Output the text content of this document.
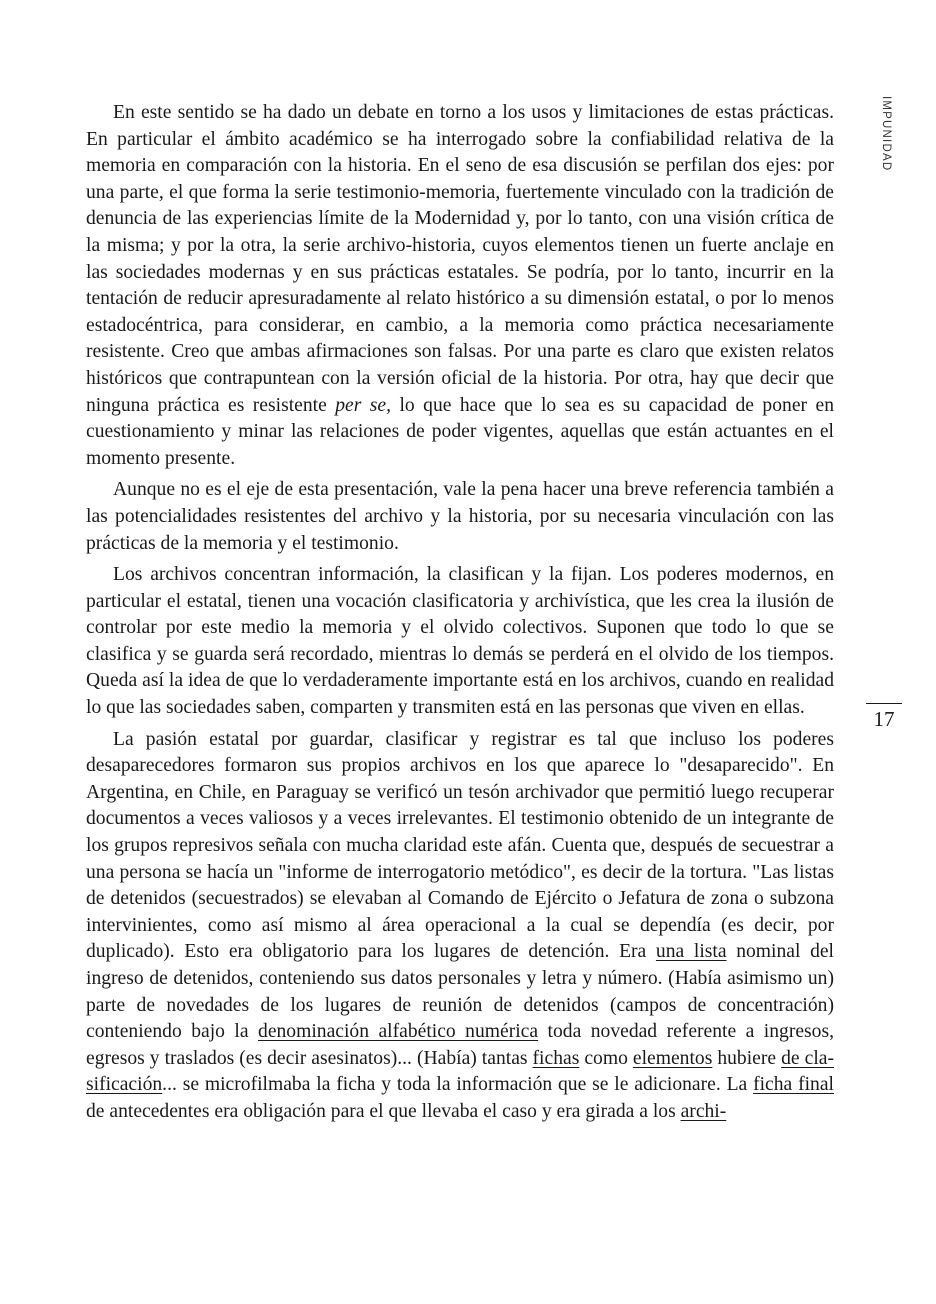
IMPUNIDAD
17

En este sentido se ha dado un debate en torno a los usos y limitaciones de estas prácticas. En particular el ámbito académico se ha interrogado sobre la confiabilidad relativa de la memoria en comparación con la historia. En el seno de esa discusión se perfilan dos ejes: por una parte, el que forma la serie testimonio-memoria, fuertemente vinculado con la tradición de denuncia de las experiencias límite de la Modernidad y, por lo tanto, con una visión crítica de la misma; y por la otra, la serie archivo-historia, cuyos elementos tienen un fuerte anclaje en las sociedades modernas y en sus prácticas estatales. Se podría, por lo tanto, incurrir en la tentación de reducir apresuradamente al relato histórico a su dimensión estatal, o por lo menos estadocéntrica, para considerar, en cambio, a la memoria como práctica necesariamente resistente. Creo que ambas afirmaciones son falsas. Por una parte es claro que existen relatos históricos que contrapuntean con la versión oficial de la historia. Por otra, hay que decir que ninguna práctica es resistente per se, lo que hace que lo sea es su capacidad de poner en cuestionamiento y minar las relaciones de poder vigentes, aquellas que están actuantes en el momento presente.

Aunque no es el eje de esta presentación, vale la pena hacer una breve referencia también a las potencialidades resistentes del archivo y la historia, por su necesaria vinculación con las prácticas de la memoria y el testimonio.

Los archivos concentran información, la clasifican y la fijan. Los poderes modernos, en particular el estatal, tienen una vocación clasificatoria y archivística, que les crea la ilusión de controlar por este medio la memoria y el olvido colectivos. Suponen que todo lo que se clasifica y se guarda será recordado, mientras lo demás se perderá en el olvido de los tiempos. Queda así la idea de que lo verdaderamente importante está en los archivos, cuando en realidad lo que las sociedades saben, comparten y transmiten está en las personas que viven en ellas.

La pasión estatal por guardar, clasificar y registrar es tal que incluso los poderes desaparecedores formaron sus propios archivos en los que aparece lo "desaparecido". En Argentina, en Chile, en Paraguay se verificó un tesón archivador que permitió luego recuperar documentos a veces valiosos y a veces irrelevantes. El testimonio obtenido de un integrante de los grupos represivos señala con mucha claridad este afán. Cuenta que, después de secuestrar a una persona se hacía un "informe de interrogatorio metódico", es decir de la tortura. "Las listas de detenidos (secuestrados) se elevaban al Comando de Ejército o Jefatura de zona o subzona intervinientes, como así mismo al área operacional a la cual se dependía (es decir, por duplicado). Esto era obligatorio para los lugares de detención. Era una lista nominal del ingreso de detenidos, conteniendo sus datos personales y letra y número. (Había asimismo un) parte de novedades de los lugares de reunión de detenidos (campos de concentración) conteniendo bajo la denominación alfabético numérica toda novedad referente a ingresos, egresos y traslados (es decir asesinatos)... (Había) tantas fichas como elementos hubiere de clasificación... se microfilmaba la ficha y toda la información que se le adicionare. La ficha final de antecedentes era obligación para el que llevaba el caso y era girada a los archi-
